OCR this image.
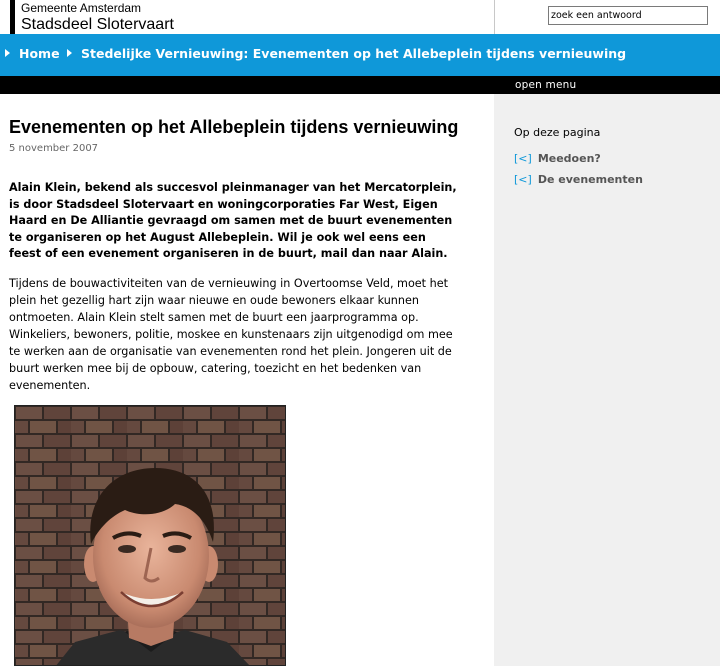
Gemeente Amsterdam
Stadsdeel Slotervaart
zoek een antwoord
Home Stedelijke Vernieuwing: Evenementen op het Allebeplein tijdens vernieuwing
open menu
Op deze pagina
[<] Meedoen?
[<] De evenementen
Evenementen op het Allebeplein tijdens vernieuwing
5 november 2007
Alain Klein, bekend als succesvol pleinmanager van het Mercatorplein,
is door Stadsdeel Slotervaart en woningcorporaties Far West, Eigen
Haard en De Alliantie gevraagd om samen met de buurt evenementen
te organiseren op het August Allebeplein. Wil je ook wel eens een
feest of een evenement organiseren in de buurt, mail dan naar Alain.
Tijdens de bouwactiviteiten van de vernieuwing in Overtoomse Veld, moet het
plein het gezellig hart zijn waar nieuwe en oude bewoners elkaar kunnen
ontmoeten. Alain Klein stelt samen met de buurt een jaarprogramma op.
Winkeliers, bewoners, politie, moskee en kunstenaars zijn uitgenodigd om mee
te werken aan de organisatie van evenementen rond het plein. Jongeren uit de
buurt werken mee bij de opbouw, catering, toezicht en het bedenken van
evenementen.
